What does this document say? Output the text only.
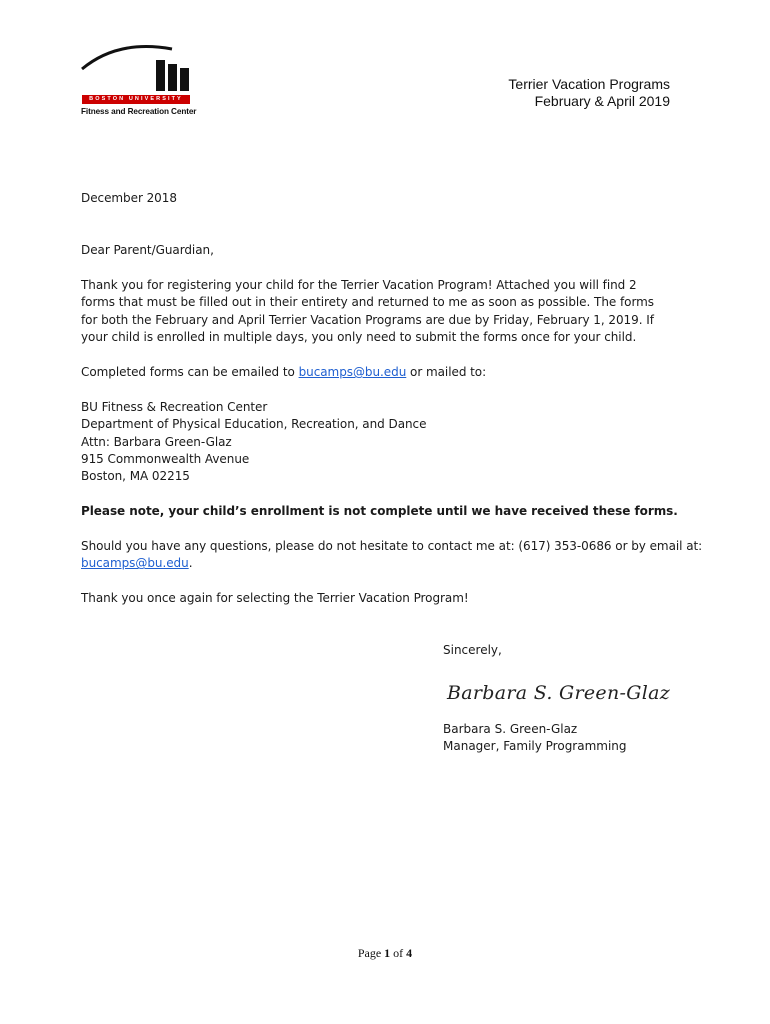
BOSTON UNIVERSITY
Fitness and Recreation Center
Terrier Vacation Programs
February & April 2019

December 2018

Dear Parent/Guardian,

Thank you for registering your child for the Terrier Vacation Program! Attached you will find 2 forms that must be filled out in their entirety and returned to me as soon as possible. The forms for both the February and April Terrier Vacation Programs are due by Friday, February 1, 2019. If your child is enrolled in multiple days, you only need to submit the forms once for your child.

Completed forms can be emailed to bucamps@bu.edu or mailed to:

BU Fitness & Recreation Center

Department of Physical Education, Recreation, and Dance

Attn: Barbara Green-Glaz

915 Commonwealth Avenue

Boston, MA 02215

Please note, your child’s enrollment is not complete until we have received these forms.

Should you have any questions, please do not hesitate to contact me at: (617) 353-0686 or by email at:

bucamps@bu.edu.

Thank you once again for selecting the Terrier Vacation Program!

Sincerely,

Barbara S. Green-Glaz

Barbara S. Green-Glaz

Manager, Family Programming

Page 1 of 4
